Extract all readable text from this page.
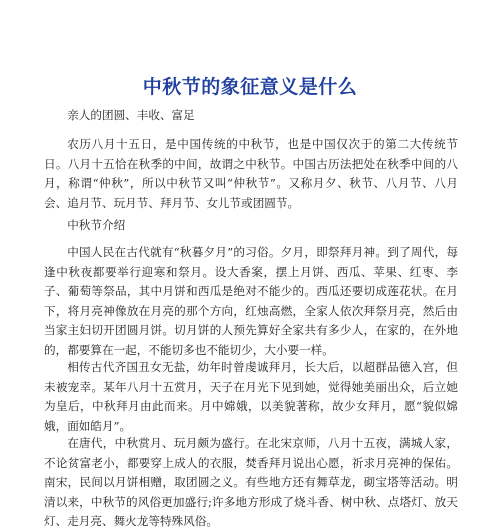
中秋节的象征意义是什么

亲人的团圆、丰收、富足

农历八月十五日，是中国传统的中秋节，也是中国仅次于的第二大传统节日。八月十五恰在秋季的中间，故谓之中秋节。中国古历法把处在秋季中间的八月，称谓“仲秋”，所以中秋节又叫“仲秋节”。又称月夕、秋节、八月节、八月会、追月节、玩月节、拜月节、女儿节或团圆节。

中秋节介绍

中国人民在古代就有“秋暮夕月”的习俗。夕月，即祭拜月神。到了周代，每逢中秋夜都要举行迎寒和祭月。设大香案，摆上月饼、西瓜、苹果、红枣、李子、葡萄等祭品，其中月饼和西瓜是绝对不能少的。西瓜还要切成莲花状。在月下，将月亮神像放在月亮的那个方向，红烛高燃，全家人依次拜祭月亮，然后由当家主妇切开团圆月饼。切月饼的人预先算好全家共有多少人，在家的，在外地的，都要算在一起，不能切多也不能切少，大小要一样。

相传古代齐国丑女无盐，幼年时曾虔诚拜月，长大后，以超群品德入宫，但未被宠幸。某年八月十五赏月，天子在月光下见到她，觉得她美丽出众，后立她为皇后，中秋拜月由此而来。月中嫦娥，以美貌著称，故少女拜月，愿“貌似嫦娥，面如皓月”。

在唐代，中秋赏月、玩月颇为盛行。在北宋京师，八月十五夜，满城人家，不论贫富老小，都要穿上成人的衣服，焚香拜月说出心愿，祈求月亮神的保佑。南宋，民间以月饼相赠，取团圆之义。有些地方还有舞草龙，砌宝塔等活动。明清以来，中秋节的风俗更加盛行;许多地方形成了烧斗香、树中秋、点塔灯、放天灯、走月亮、舞火龙等特殊风俗。
